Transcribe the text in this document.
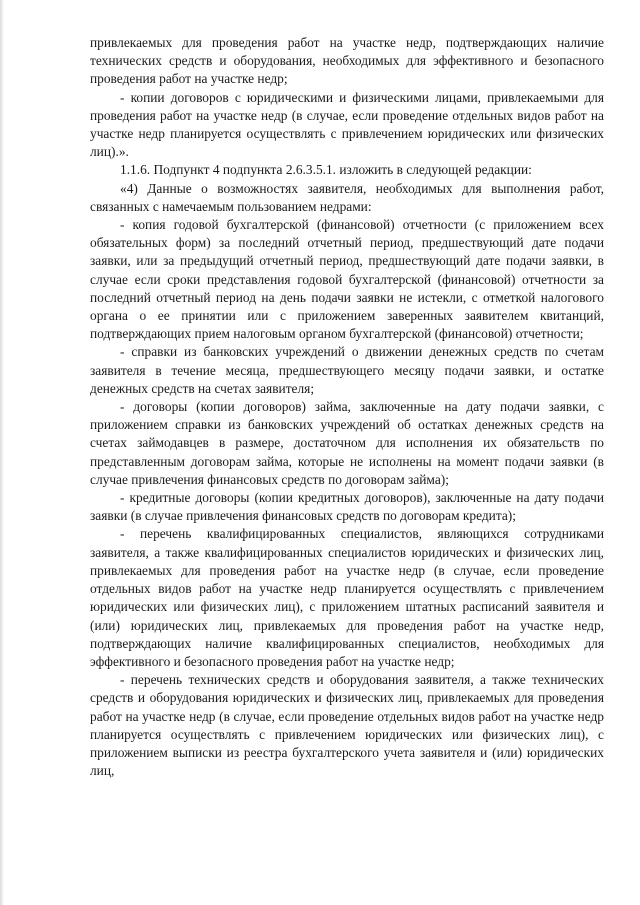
привлекаемых для проведения работ на участке недр, подтверждающих наличие технических средств и оборудования, необходимых для эффективного и безопасного проведения работ на участке недр;

- копии договоров с юридическими и физическими лицами, привлекаемыми для проведения работ на участке недр (в случае, если проведение отдельных видов работ на участке недр планируется осуществлять с привлечением юридических или физических лиц).».

1.1.6. Подпункт 4 подпункта 2.6.3.5.1. изложить в следующей редакции:

«4) Данные о возможностях заявителя, необходимых для выполнения работ, связанных с намечаемым пользованием недрами:

- копия годовой бухгалтерской (финансовой) отчетности (с приложением всех обязательных форм) за последний отчетный период, предшествующий дате подачи заявки, или за предыдущий отчетный период, предшествующий дате подачи заявки, в случае если сроки представления годовой бухгалтерской (финансовой) отчетности за последний отчетный период на день подачи заявки не истекли, с отметкой налогового органа о ее принятии или с приложением заверенных заявителем квитанций, подтверждающих прием налоговым органом бухгалтерской (финансовой) отчетности;

- справки из банковских учреждений о движении денежных средств по счетам заявителя в течение месяца, предшествующего месяцу подачи заявки, и остатке денежных средств на счетах заявителя;

- договоры (копии договоров) займа, заключенные на дату подачи заявки, с приложением справки из банковских учреждений об остатках денежных средств на счетах займодавцев в размере, достаточном для исполнения их обязательств по представленным договорам займа, которые не исполнены на момент подачи заявки (в случае привлечения финансовых средств по договорам займа);

- кредитные договоры (копии кредитных договоров), заключенные на дату подачи заявки (в случае привлечения финансовых средств по договорам кредита);

- перечень квалифицированных специалистов, являющихся сотрудниками заявителя, а также квалифицированных специалистов юридических и физических лиц, привлекаемых для проведения работ на участке недр (в случае, если проведение отдельных видов работ на участке недр планируется осуществлять с привлечением юридических или физических лиц), с приложением штатных расписаний заявителя и (или) юридических лиц, привлекаемых для проведения работ на участке недр, подтверждающих наличие квалифицированных специалистов, необходимых для эффективного и безопасного проведения работ на участке недр;

- перечень технических средств и оборудования заявителя, а также технических средств и оборудования юридических и физических лиц, привлекаемых для проведения работ на участке недр (в случае, если проведение отдельных видов работ на участке недр планируется осуществлять с привлечением юридических или физических лиц), с приложением выписки из реестра бухгалтерского учета заявителя и (или) юридических лиц,
